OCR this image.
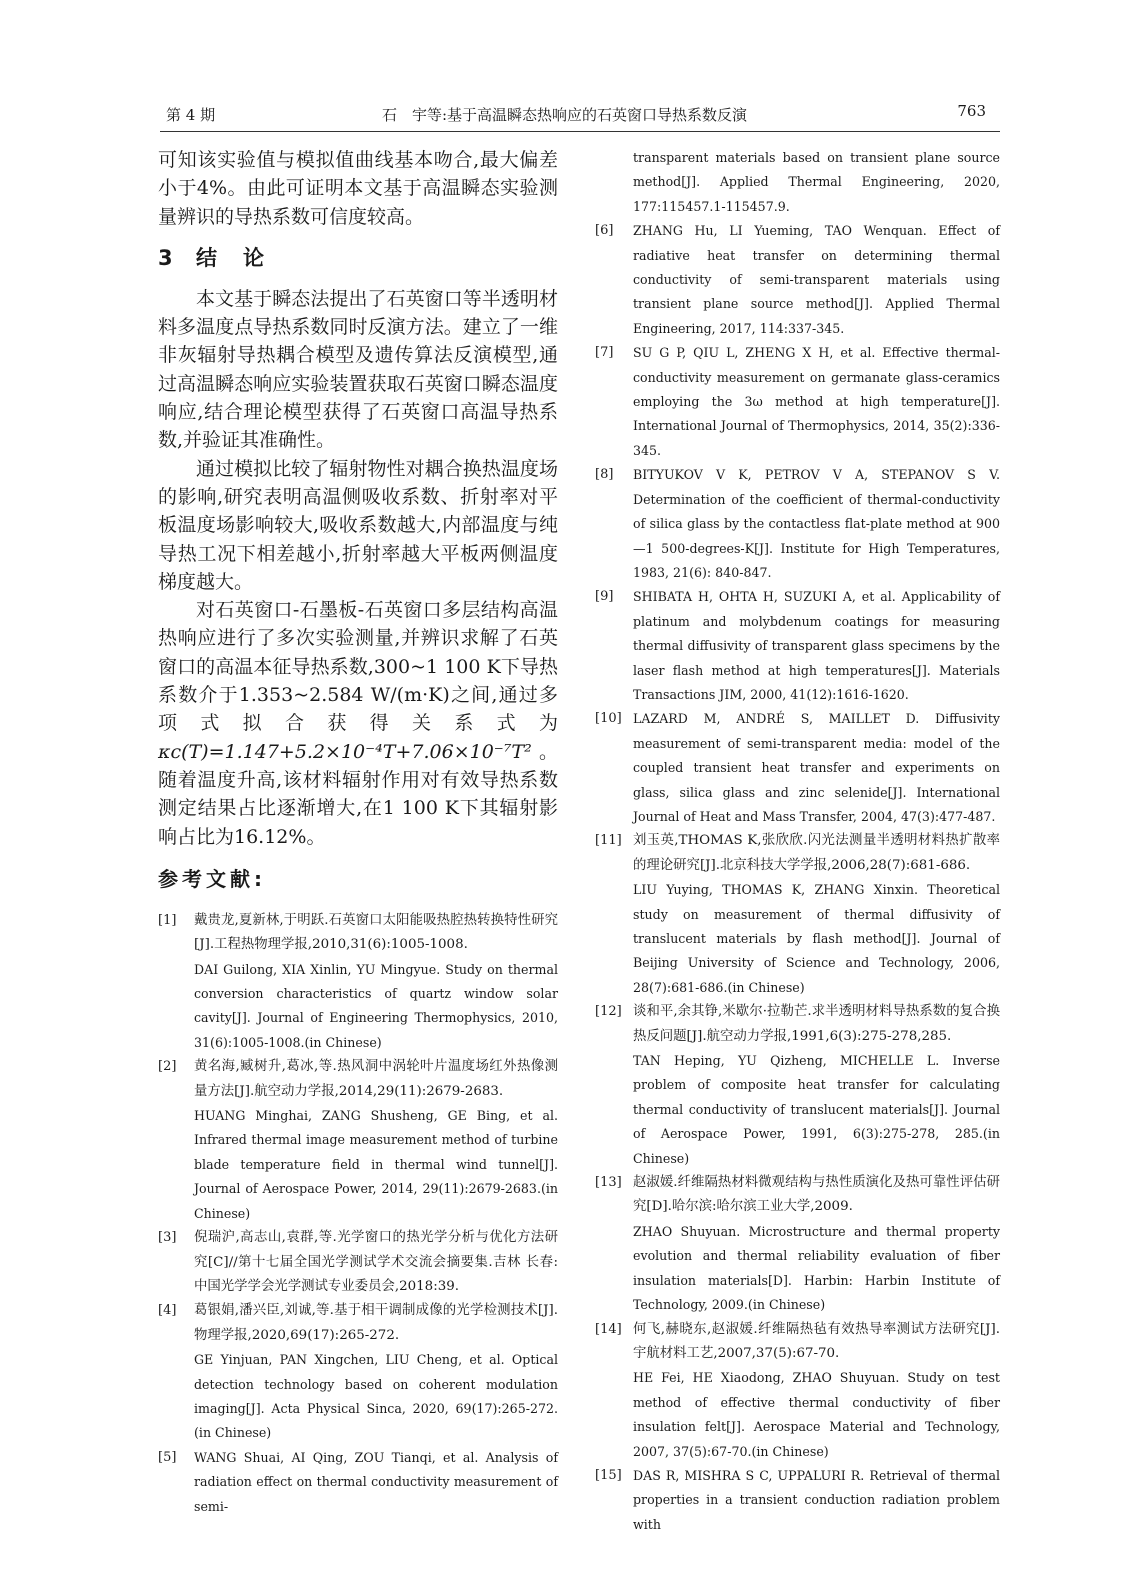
第 4 期	石　宇等:基于高温瞬态热响应的石英窗口导热系数反演	763

可知该实验值与模拟值曲线基本吻合,最大偏差小于4%。由此可证明本文基于高温瞬态实验测量辨识的导热系数可信度较高。

3 结论

本文基于瞬态法提出了石英窗口等半透明材料多温度点导热系数同时反演方法。建立了一维非灰辐射导热耦合模型及遗传算法反演模型,通过高温瞬态响应实验装置获取石英窗口瞬态温度响应,结合理论模型获得了石英窗口高温导热系数,并验证其准确性。

通过模拟比较了辐射物性对耦合换热温度场的影响,研究表明高温侧吸收系数、折射率对平板温度场影响较大,吸收系数越大,内部温度与纯导热工况下相差越小,折射率越大平板两侧温度梯度越大。

对石英窗口-石墨板-石英窗口多层结构高温热响应进行了多次实验测量,并辨识求解了石英窗口的高温本征导热系数,300~1 100 K下导热系数介于1.353~2.584 W/(m·K)之间,通过多项式拟合获得关系式为κc(T)=1.147+5.2×10⁻⁴T+7.06×10⁻⁷T²。随着温度升高,该材料辐射作用对有效导热系数测定结果占比逐渐增大,在1 100 K下其辐射影响占比为16.12%。

参考文献:
[1]	戴贵龙,夏新林,于明跃.石英窗口太阳能吸热腔热转换特性研究[J].工程热物理学报,2010,31(6):1005-1008.
DAI Guilong, XIA Xinlin, YU Mingyue. Study on thermal conversion characteristics of quartz window solar cavity[J]. Journal of Engineering Thermophysics, 2010, 31(6):1005-1008.(in Chinese)
[2]	黄名海,臧树升,葛冰,等.热风洞中涡轮叶片温度场红外热像测量方法[J].航空动力学报,2014,29(11):2679-2683.
HUANG Minghai, ZANG Shusheng, GE Bing, et al. Infrared thermal image measurement method of turbine blade temperature field in thermal wind tunnel[J]. Journal of Aerospace Power, 2014, 29(11):2679-2683.(in Chinese)
[3]	倪瑞沪,高志山,袁群,等.光学窗口的热光学分析与优化方法研究[C]//第十七届全国光学测试学术交流会摘要集.吉林 长春:中国光学学会光学测试专业委员会,2018:39.
[4]	葛银娟,潘兴臣,刘诚,等.基于相干调制成像的光学检测技术[J].物理学报,2020,69(17):265-272.
GE Yinjuan, PAN Xingchen, LIU Cheng, et al. Optical detection technology based on coherent modulation imaging[J]. Acta Physical Sinca, 2020, 69(17):265-272.(in Chinese)
[5]	WANG Shuai, AI Qing, ZOU Tianqi, et al. Analysis of radiation effect on thermal conductivity measurement of semi-
transparent materials based on transient plane source method[J]. Applied Thermal Engineering, 2020, 177:115457.1-115457.9.
[6]	ZHANG Hu, LI Yueming, TAO Wenquan. Effect of radiative heat transfer on determining thermal conductivity of semi-transparent materials using transient plane source method[J]. Applied Thermal Engineering, 2017, 114:337-345.
[7]	SU G P, QIU L, ZHENG X H, et al. Effective thermal-conductivity measurement on germanate glass-ceramics employing the 3ω method at high temperature[J]. International Journal of Thermophysics, 2014, 35(2):336-345.
[8]	BITYUKOV V K, PETROV V A, STEPANOV S V. Determination of the coefficient of thermal-conductivity of silica glass by the contactless flat-plate method at 900—1 500-degrees-K[J]. Institute for High Temperatures, 1983, 21(6): 840-847.
[9]	SHIBATA H, OHTA H, SUZUKI A, et al. Applicability of platinum and molybdenum coatings for measuring thermal diffusivity of transparent glass specimens by the laser flash method at high temperatures[J]. Materials Transactions JIM, 2000, 41(12):1616-1620.
[10] LAZARD M, ANDRÉ S, MAILLET D. Diffusivity measurement of semi-transparent media: model of the coupled transient heat transfer and experiments on glass, silica glass and zinc selenide[J]. International Journal of Heat and Mass Transfer, 2004, 47(3):477-487.
[11] 刘玉英,THOMAS K,张欣欣.闪光法测量半透明材料热扩散率的理论研究[J].北京科技大学学报,2006,28(7):681-686.
LIU Yuying, THOMAS K, ZHANG Xinxin. Theoretical study on measurement of thermal diffusivity of translucent materials by flash method[J]. Journal of Beijing University of Science and Technology, 2006, 28(7):681-686.(in Chinese)
[12] 谈和平,余其铮,米歇尔·拉勒芒.求半透明材料导热系数的复合换热反问题[J].航空动力学报,1991,6(3):275-278,285.
TAN Heping, YU Qizheng, MICHELLE L. Inverse problem of composite heat transfer for calculating thermal conductivity of translucent materials[J]. Journal of Aerospace Power, 1991, 6(3):275-278, 285.(in Chinese)
[13] 赵淑媛.纤维隔热材料微观结构与热性质演化及热可靠性评估研究[D].哈尔滨:哈尔滨工业大学,2009.
ZHAO Shuyuan. Microstructure and thermal property evolution and thermal reliability evaluation of fiber insulation materials[D]. Harbin: Harbin Institute of Technology, 2009.(in Chinese)
[14] 何飞,赫晓东,赵淑媛.纤维隔热毡有效热导率测试方法研究[J].宇航材料工艺,2007,37(5):67-70.
HE Fei, HE Xiaodong, ZHAO Shuyuan. Study on test method of effective thermal conductivity of fiber insulation felt[J]. Aerospace Material and Technology, 2007, 37(5):67-70.(in Chinese)
[15] DAS R, MISHRA S C, UPPALURI R. Retrieval of thermal properties in a transient conduction radiation problem with
